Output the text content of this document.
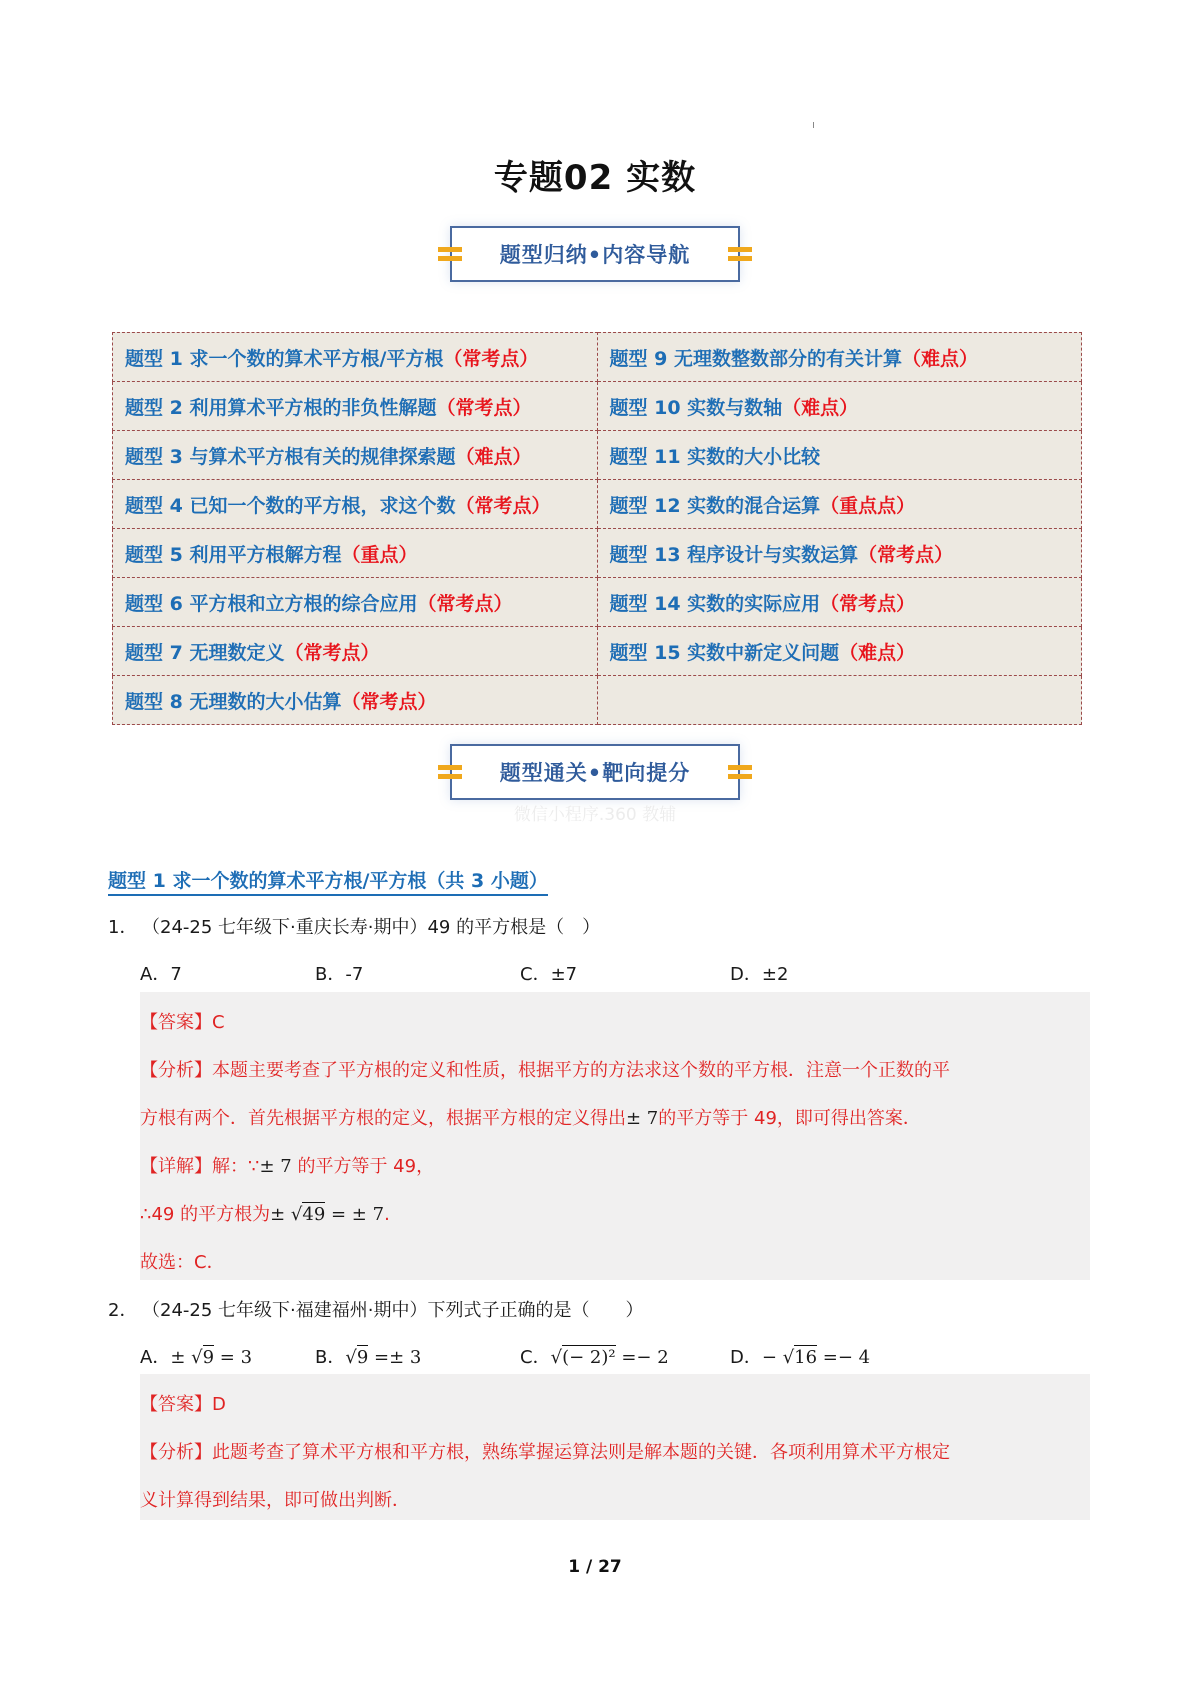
专题02 实数
题型归纳•内容导航
题型 1 求一个数的算术平方根/平方根（常考点）	题型 9 无理数整数部分的有关计算（难点）
题型 2 利用算术平方根的非负性解题（常考点）	题型 10 实数与数轴（难点）
题型 3 与算术平方根有关的规律探索题（难点）	题型 11 实数的大小比较
题型 4 已知一个数的平方根，求这个数（常考点）	题型 12 实数的混合运算（重点点）
题型 5 利用平方根解方程（重点）	题型 13 程序设计与实数运算（常考点）
题型 6 平方根和立方根的综合应用（常考点）	题型 14 实数的实际应用（常考点）
题型 7 无理数定义（常考点）	题型 15 实数中新定义问题（难点）
题型 8 无理数的大小估算（常考点）	
题型通关•靶向提分
微信小程序.360 教辅
题型 1 求一个数的算术平方根/平方根（共 3 小题）
1． （24-25 七年级下·重庆长寿·期中）49 的平方根是（　）
A．7	B．-7	C．±7	D．±2
【答案】C
【分析】本题主要考查了平方根的定义和性质，根据平方的方法求这个数的平方根．注意一个正数的平
方根有两个．首先根据平方根的定义，根据平方根的定义得出± 7的平方等于 49，即可得出答案．
【详解】解：∵± 7 的平方等于 49，
∴49 的平方根为± √49 = ± 7.
故选：C．
2． （24-25 七年级下·福建福州·期中）下列式子正确的是（　　）
A．± √9 = 3	B．√9 =± 3	C．√(− 2)² =− 2	D．− √16 =− 4
【答案】D
【分析】此题考查了算术平方根和平方根，熟练掌握运算法则是解本题的关键．各项利用算术平方根定
义计算得到结果，即可做出判断．
1 / 27
